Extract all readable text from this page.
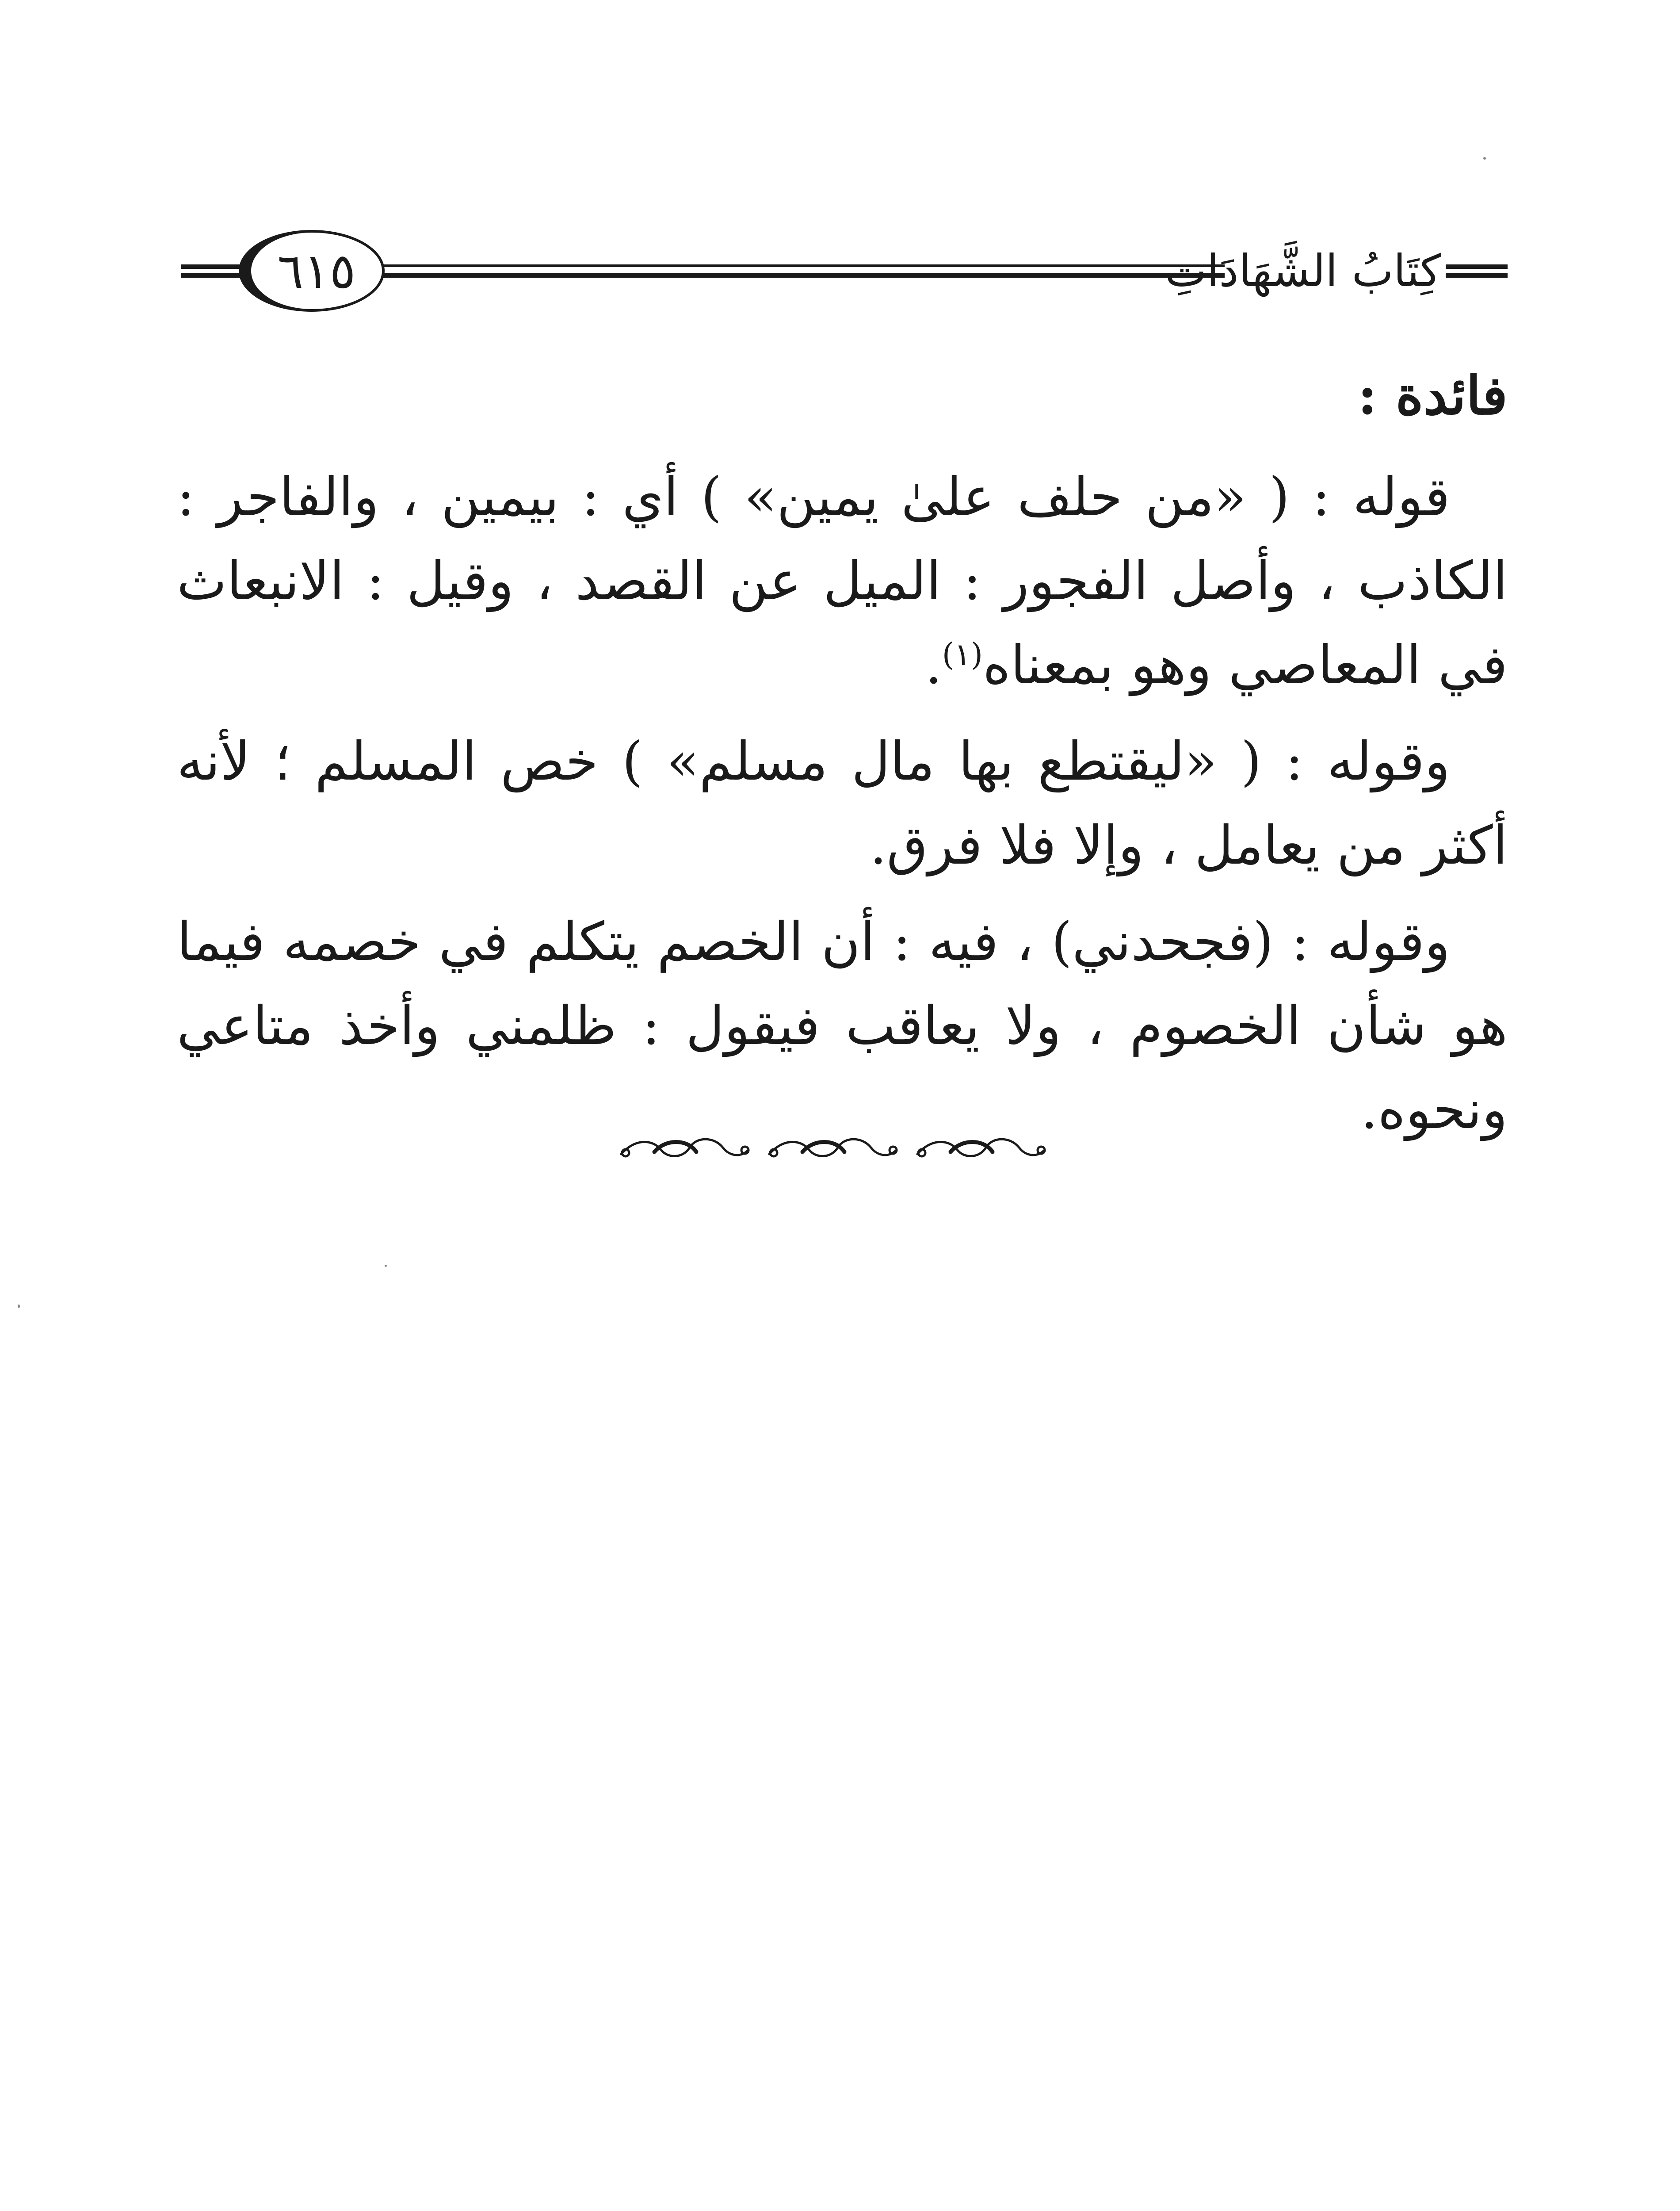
٦١٥	كِتَابُ الشَّهَادَاتِ

فائدة :

قوله : ( «من حلف علىٰ يمين» ) أي : بيمين ، والفاجر : الكاذب ، وأصل الفجور : الميل عن القصد ، وقيل : الانبعاث في المعاصي وهو بمعناه$^{(١)}$.

وقوله : ( «ليقتطع بها مال مسلم» ) خص المسلم ؛ لأنه أكثر من يعامل ، وإلا فلا فرق.

وقوله : (فجحدني) ، فيه : أن الخصم يتكلم في خصمه فيما هو شأن الخصوم ، ولا يعاقب فيقول : ظلمني وأخذ متاعي ونحوه.
